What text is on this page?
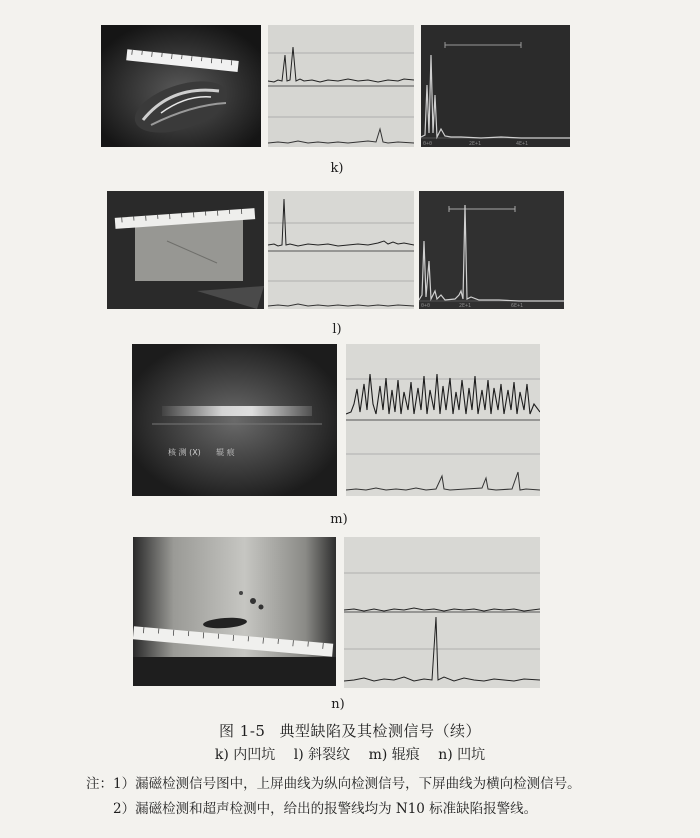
0+0	2E+1	4E+1
k)
0+0	2E+1	6E+1
l)
核 测 (X)      辊 痕
m)
n)
图 1-5 典型缺陷及其检测信号（续）
k) 内凹坑 l) 斜裂纹 m) 辊痕 n) 凹坑
注：1）漏磁检测信号图中，上屏曲线为纵向检测信号，下屏曲线为横向检测信号。
2）漏磁检测和超声检测中，给出的报警线均为 N10 标准缺陷报警线。
